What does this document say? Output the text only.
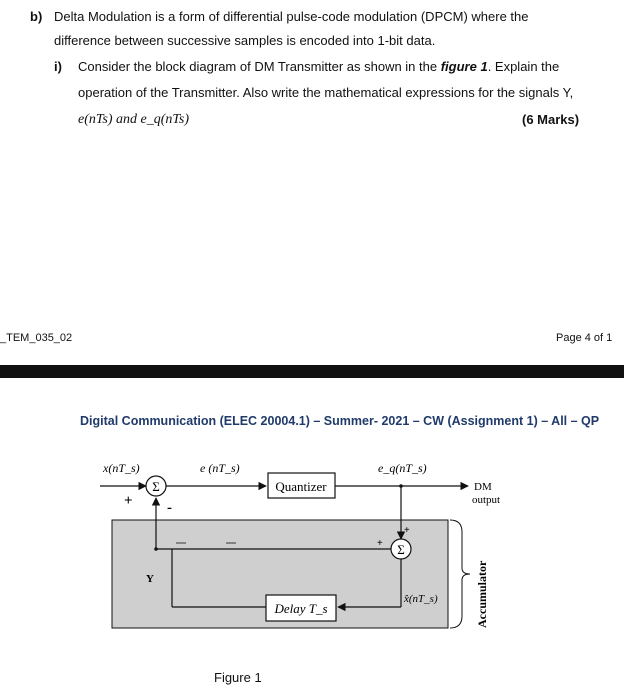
b) Delta Modulation is a form of differential pulse-code modulation (DPCM) where the
difference between successive samples is encoded into 1-bit data.
i) Consider the block diagram of DM Transmitter as shown in the figure 1. Explain the
operation of the Transmitter. Also write the mathematical expressions for the signals Y,
e(nTs) and e_q(nTs)	(6 Marks)
_TEM_035_02	Page 4 of 1
Digital Communication (ELEC 20004.1) – Summer- 2021 – CW (Assignment 1) – All – QP
Σ	Quantizer
Σ
Delay T_s
x(nT_s)	e (nT_s)	e_q(nT_s)
DM
output
+ -
+
+
Y
x̂(nT_s)	Accumulator
Figure 1
